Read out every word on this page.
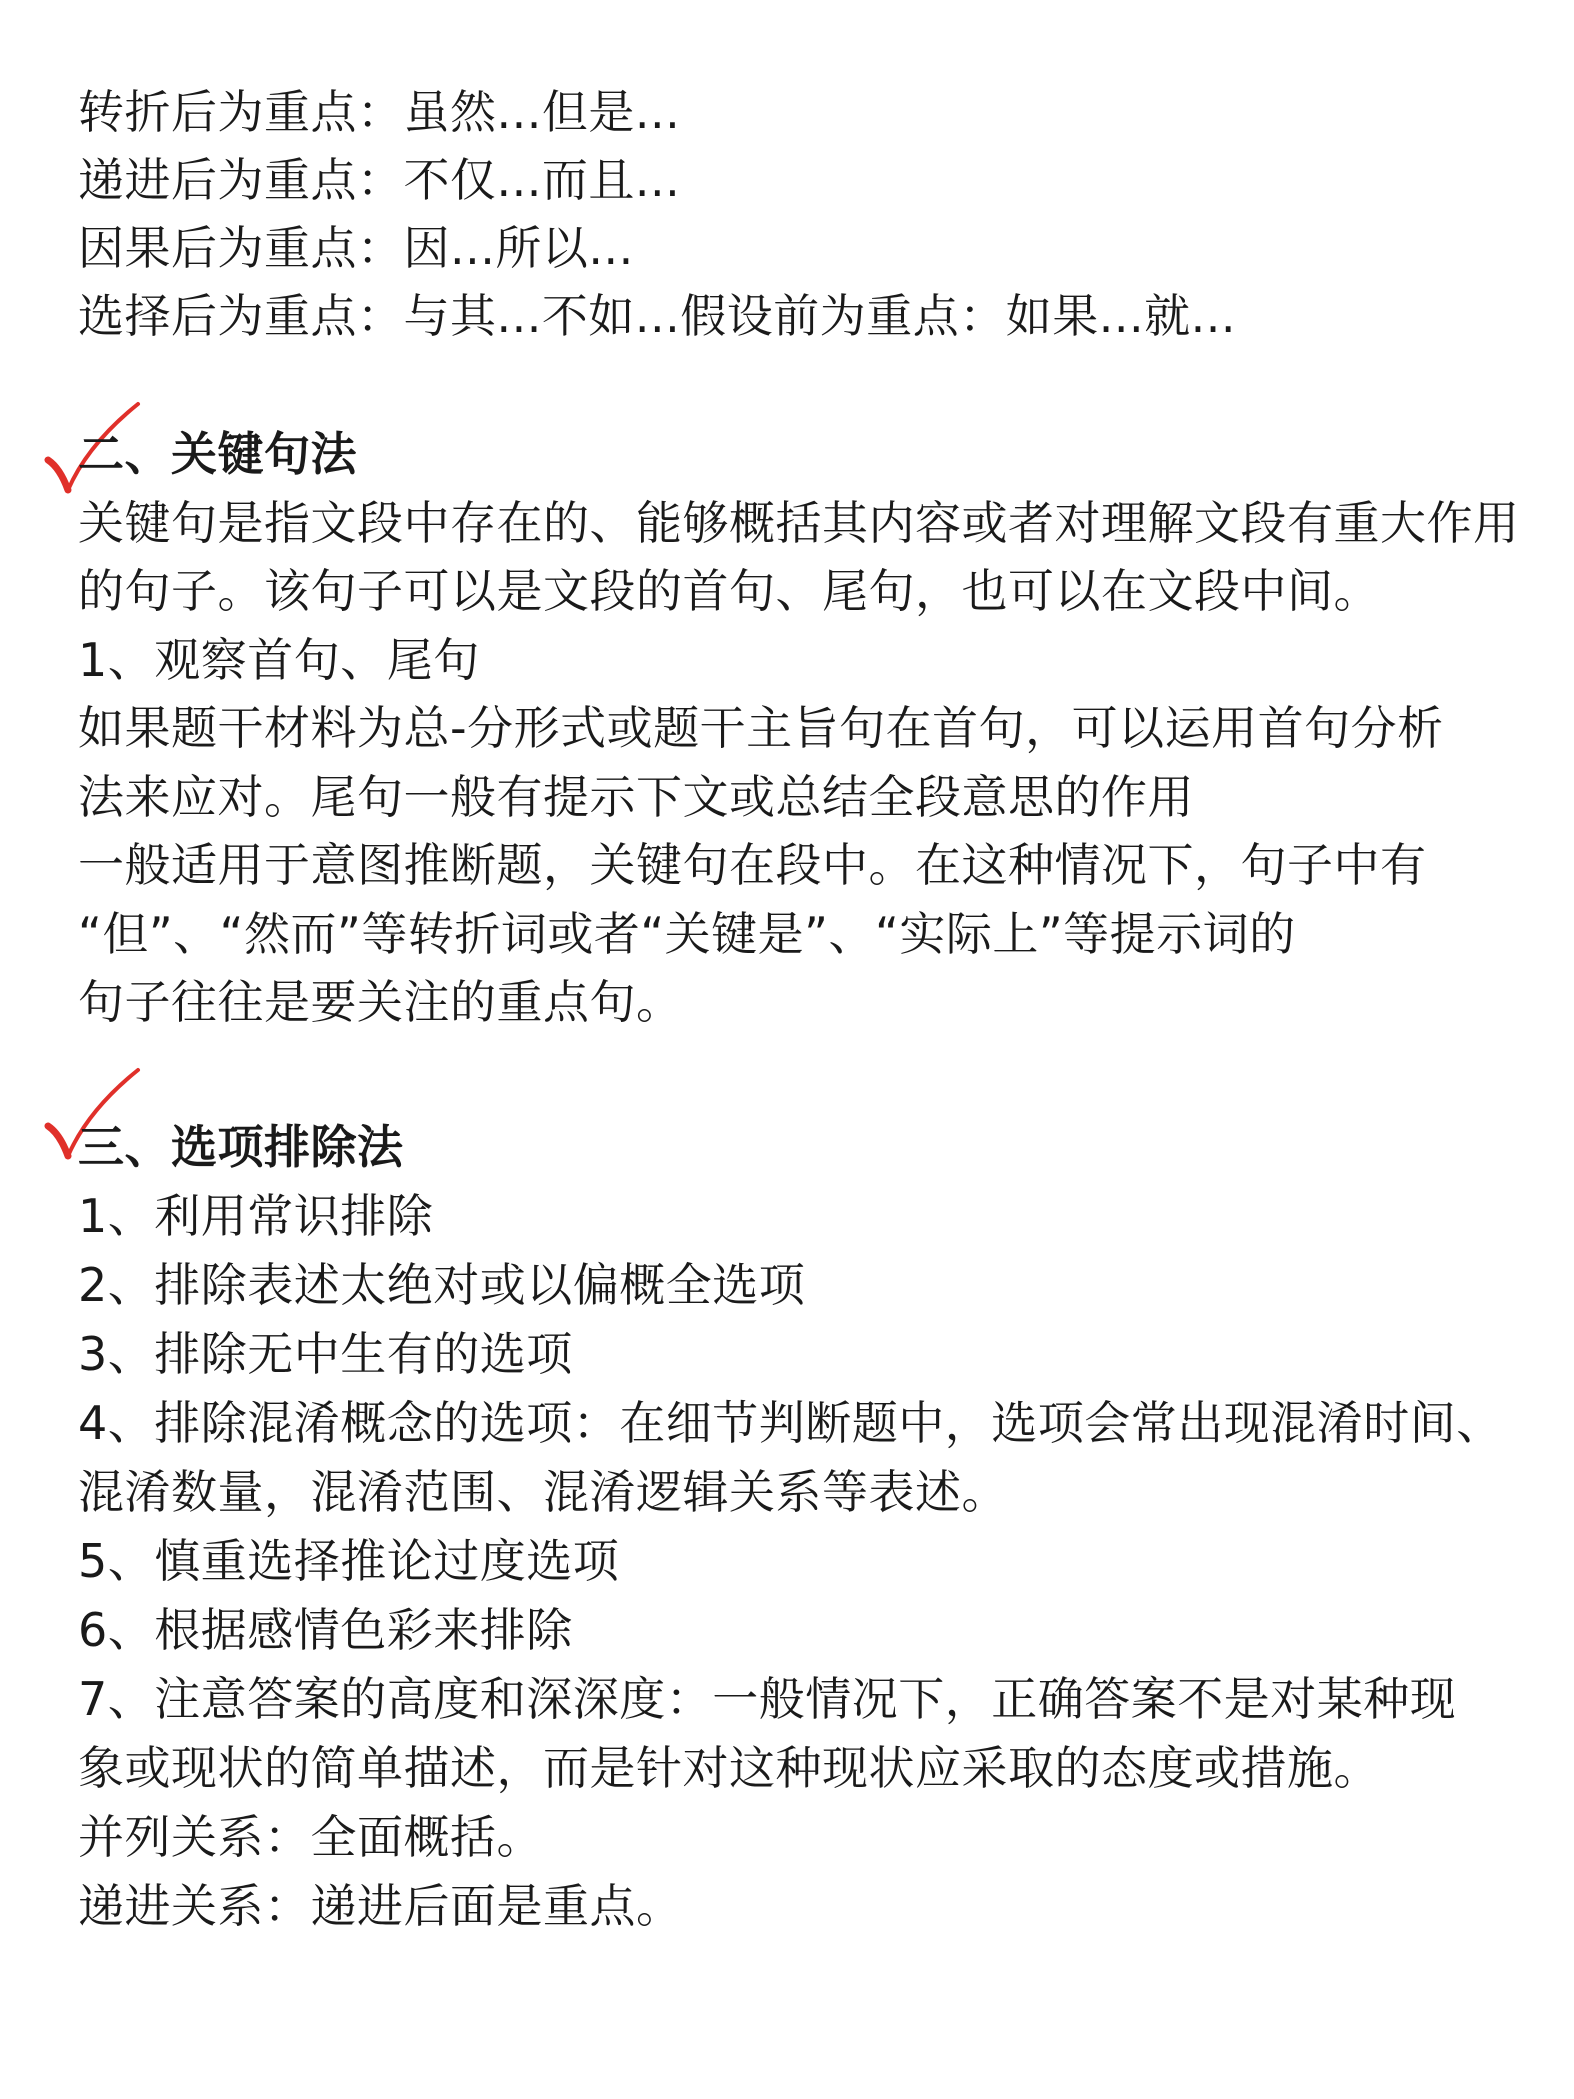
转折后为重点：虽然...但是...
递进后为重点：不仅...而且...
因果后为重点：因...所以...
选择后为重点：与其...不如...假设前为重点：如果...就...
二、关键句法
关键句是指文段中存在的、能够概括其内容或者对理解文段有重大作用
的句子。该句子可以是文段的首句、尾句，也可以在文段中间。
1、观察首句、尾句
如果题干材料为总-分形式或题干主旨句在首句，可以运用首句分析
法来应对。尾句一般有提示下文或总结全段意思的作用
一般适用于意图推断题，关键句在段中。在这种情况下，句子中有
“但”、“然而”等转折词或者“关键是”、“实际上”等提示词的
句子往往是要关注的重点句。
三、选项排除法
1、利用常识排除
2、排除表述太绝对或以偏概全选项
3、排除无中生有的选项
4、排除混淆概念的选项：在细节判断题中，选项会常出现混淆时间、
混淆数量，混淆范围、混淆逻辑关系等表述。
5、慎重选择推论过度选项
6、根据感情色彩来排除
7、注意答案的高度和深深度：一般情况下，正确答案不是对某种现
象或现状的简单描述，而是针对这种现状应采取的态度或措施。
并列关系：全面概括。
递进关系：递进后面是重点。
